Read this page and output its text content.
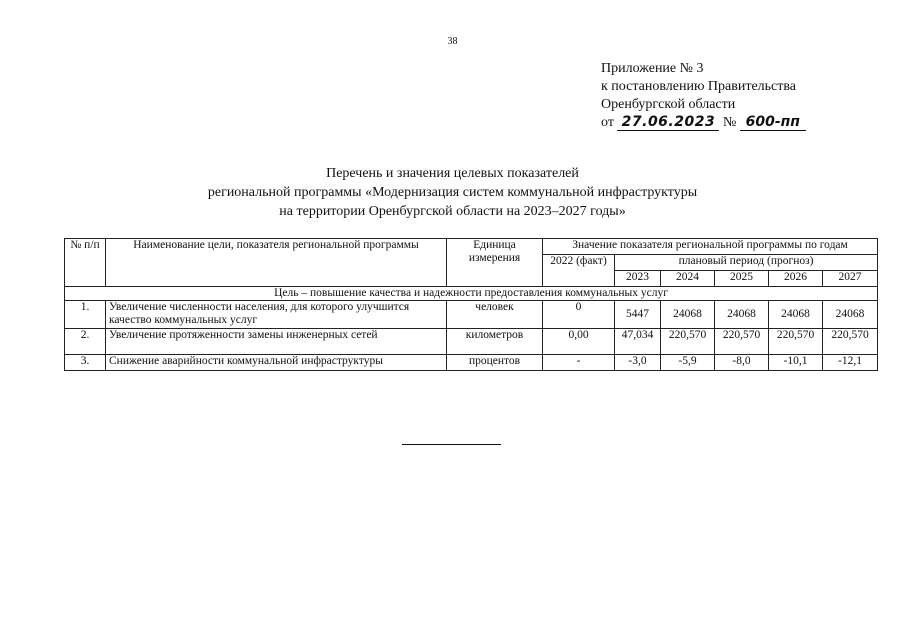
38
Приложение № 3
к постановлению Правительства
Оренбургской области
от 27.06.2023 № 600-пп
Перечень и значения целевых показателей
региональной программы «Модернизация систем коммунальной инфраструктуры
на территории Оренбургской области на 2023–2027 годы»
№ п/п	Наименование цели, показателя региональной программы	Единица измерения	Значение показателя региональной программы по годам					
			2022 (факт)	плановый период (прогноз)				
				2023	2024	2025	2026	2027
Цель – повышение качества и надежности предоставления коммунальных услуг								
1.	Увеличение численности населения, для которого улучшится качество коммунальных услуг	человек	0	5447	24068	24068	24068	24068
2.	Увеличение протяженности замены инженерных сетей	километров	0,00	47,034	220,570	220,570	220,570	220,570
3.	Снижение аварийности коммунальной инфраструктуры	процентов	-	-3,0	-5,9	-8,0	-10,1	-12,1
